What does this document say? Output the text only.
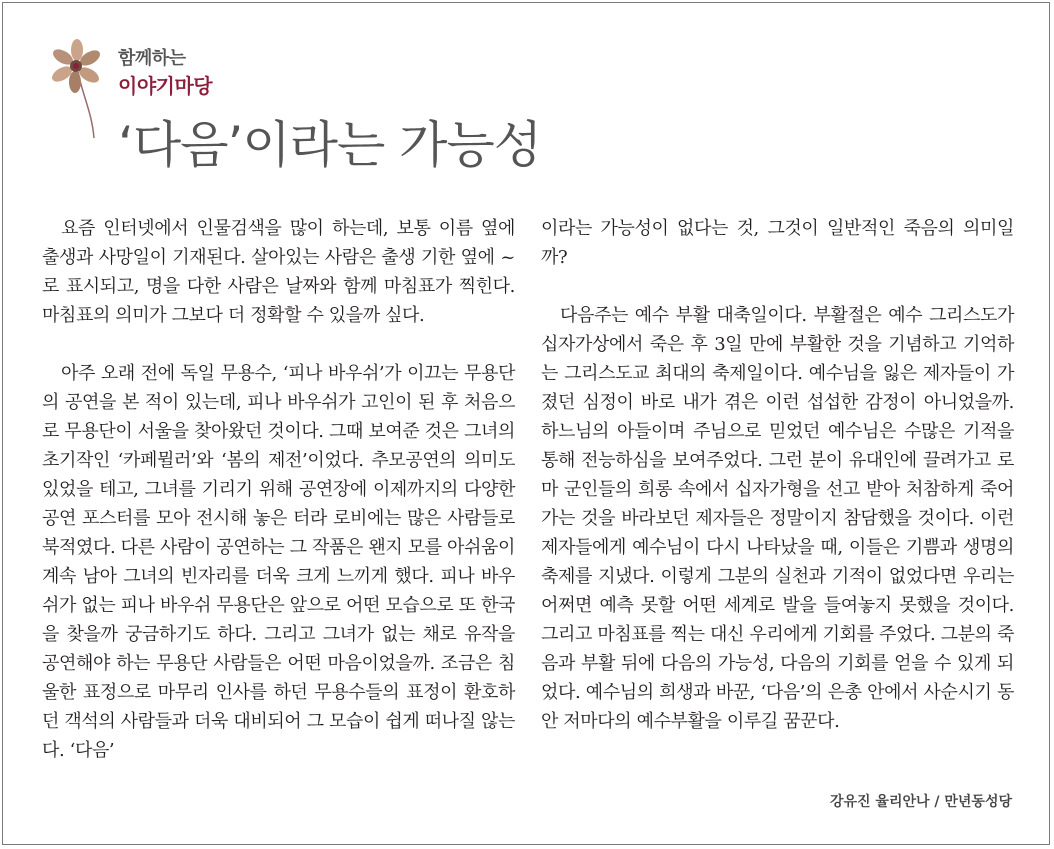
함께하는
이야기마당
‘다음’이라는 가능성

요즘 인터넷에서 인물검색을 많이 하는데, 보통 이름 옆에 출생과 사망일이 기재된다. 살아있는 사람은 출생 기한 옆에 ~ 로 표시되고, 명을 다한 사람은 날짜와 함께 마침표가 찍힌다. 마침표의 의미가 그보다 더 정확할 수 있을까 싶다.

아주 오래 전에 독일 무용수, ‘피나 바우쉬’가 이끄는 무용단의 공연을 본 적이 있는데, 피나 바우쉬가 고인이 된 후 처음으로 무용단이 서울을 찾아왔던 것이다. 그때 보여준 것은 그녀의 초기작인 ‘카페뮐러’와 ‘봄의 제전’이었다. 추모공연의 의미도 있었을 테고, 그녀를 기리기 위해 공연장에 이제까지의 다양한 공연 포스터를 모아 전시해 놓은 터라 로비에는 많은 사람들로 북적였다. 다른 사람이 공연하는 그 작품은 왠지 모를 아쉬움이 계속 남아 그녀의 빈자리를 더욱 크게 느끼게 했다. 피나 바우쉬가 없는 피나 바우쉬 무용단은 앞으로 어떤 모습으로 또 한국을 찾을까 궁금하기도 하다. 그리고 그녀가 없는 채로 유작을 공연해야 하는 무용단 사람들은 어떤 마음이었을까. 조금은 침울한 표정으로 마무리 인사를 하던 무용수들의 표정이 환호하던 객석의 사람들과 더욱 대비되어 그 모습이 쉽게 떠나질 않는다. ‘다음’

이라는 가능성이 없다는 것, 그것이 일반적인 죽음의 의미일까?

다음주는 예수 부활 대축일이다. 부활절은 예수 그리스도가 십자가상에서 죽은 후 3일 만에 부활한 것을 기념하고 기억하는 그리스도교 최대의 축제일이다. 예수님을 잃은 제자들이 가졌던 심정이 바로 내가 겪은 이런 섭섭한 감정이 아니었을까. 하느님의 아들이며 주님으로 믿었던 예수님은 수많은 기적을 통해 전능하심을 보여주었다. 그런 분이 유대인에 끌려가고 로마 군인들의 희롱 속에서 십자가형을 선고 받아 처참하게 죽어가는 것을 바라보던 제자들은 정말이지 참담했을 것이다. 이런 제자들에게 예수님이 다시 나타났을 때, 이들은 기쁨과 생명의 축제를 지냈다. 이렇게 그분의 실천과 기적이 없었다면 우리는 어쩌면 예측 못할 어떤 세계로 발을 들여놓지 못했을 것이다. 그리고 마침표를 찍는 대신 우리에게 기회를 주었다. 그분의 죽음과 부활 뒤에 다음의 가능성, 다음의 기회를 얻을 수 있게 되었다. 예수님의 희생과 바꾼, ‘다음’의 은총 안에서 사순시기 동안 저마다의 예수부활을 이루길 꿈꾼다.

강유진 율리안나 / 만년동성당
